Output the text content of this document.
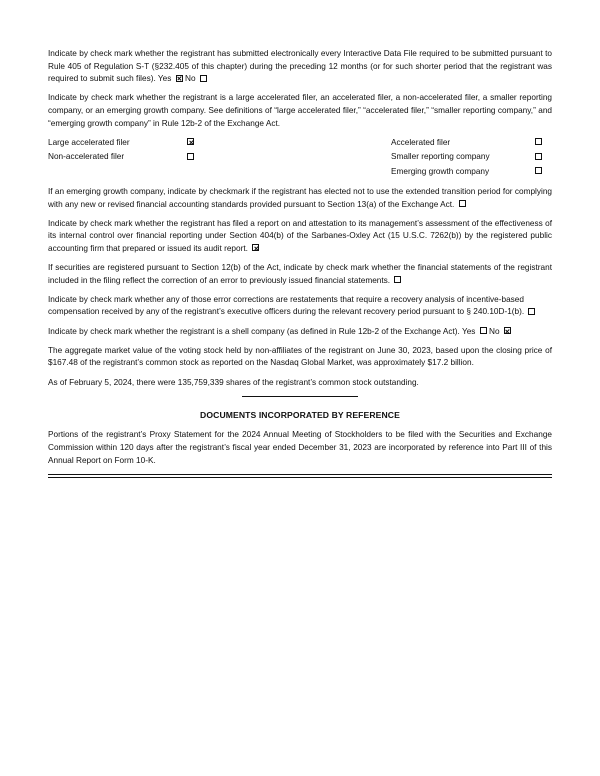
Indicate by check mark whether the registrant has submitted electronically every Interactive Data File required to be submitted pursuant to Rule 405 of Regulation S-T (§232.405 of this chapter) during the preceding 12 months (or for such shorter period that the registrant was required to submit such files). Yes No

Indicate by check mark whether the registrant is a large accelerated filer, an accelerated filer, a non-accelerated filer, a smaller reporting company, or an emerging growth company. See definitions of “large accelerated filer,” “accelerated filer,” “smaller reporting company,” and “emerging growth company” in Rule 12b-2 of the Exchange Act.

Large accelerated filer		Accelerated filer	
Non-accelerated filer		Smaller reporting company	
		Emerging growth company	

If an emerging growth company, indicate by checkmark if the registrant has elected not to use the extended transition period for complying with any new or revised financial accounting standards provided pursuant to Section 13(a) of the Exchange Act.

Indicate by check mark whether the registrant has filed a report on and attestation to its management’s assessment of the effectiveness of its internal control over financial reporting under Section 404(b) of the Sarbanes-Oxley Act (15 U.S.C. 7262(b)) by the registered public accounting firm that prepared or issued its audit report.

If securities are registered pursuant to Section 12(b) of the Act, indicate by check mark whether the financial statements of the registrant included in the filing reflect the correction of an error to previously issued financial statements.

Indicate by check mark whether any of those error corrections are restatements that require a recovery analysis of incentive-based compensation received by any of the registrant’s executive officers during the relevant recovery period pursuant to § 240.10D-1(b).

Indicate by check mark whether the registrant is a shell company (as defined in Rule 12b-2 of the Exchange Act). Yes No

The aggregate market value of the voting stock held by non-affiliates of the registrant on June 30, 2023, based upon the closing price of $167.48 of the registrant’s common stock as reported on the Nasdaq Global Market, was approximately $17.2 billion.

As of February 5, 2024, there were 135,759,339 shares of the registrant’s common stock outstanding.

DOCUMENTS INCORPORATED BY REFERENCE

Portions of the registrant’s Proxy Statement for the 2024 Annual Meeting of Stockholders to be filed with the Securities and Exchange Commission within 120 days after the registrant’s fiscal year ended December 31, 2023 are incorporated by reference into Part III of this Annual Report on Form 10-K.
